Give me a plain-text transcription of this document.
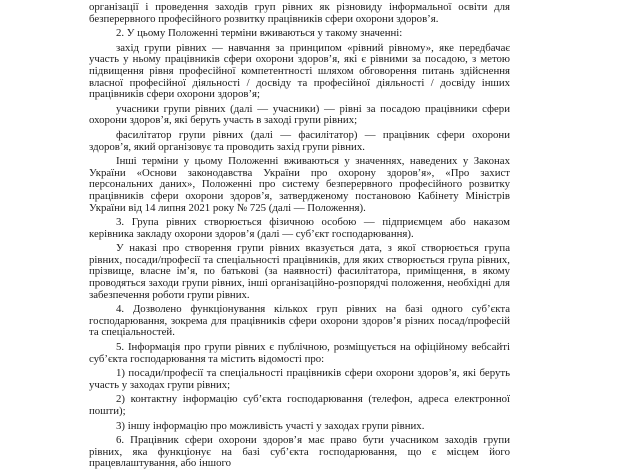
організації і проведення заходів груп рівних як різновиду інформальної освіти для безперервного професійного розвитку працівників сфери охорони здоров’я.

2. У цьому Положенні терміни вживаються у такому значенні:

захід групи рівних — навчання за принципом «рівний рівному», яке передбачає участь у ньому працівників сфери охорони здоров’я, які є рівними за посадою, з метою підвищення рівня професійної компетентності шляхом обговорення питань здійснення власної професійної діяльності / досвіду та професійної діяльності / досвіду інших працівників сфери охорони здоров’я;

учасники групи рівних (далі — учасники) — рівні за посадою працівники сфери охорони здоров’я, які беруть участь в заході групи рівних;

фасилітатор групи рівних (далі — фасилітатор) — працівник сфери охорони здоров’я, який організовує та проводить захід групи рівних.

Інші терміни у цьому Положенні вживаються у значеннях, наведених у Законах України «Основи законодавства України про охорону здоров’я», «Про захист персональних даних», Положенні про систему безперервного професійного розвитку працівників сфери охорони здоров’я, затвердженому постановою Кабінету Міністрів України від 14 липня 2021 року № 725 (далі — Положення).

3. Група рівних створюється фізичною особою — підприємцем або наказом керівника закладу охорони здоров’я (далі — суб’єкт господарювання).

У наказі про створення групи рівних вказується дата, з якої створюється група рівних, посади/професії та спеціальності працівників, для яких створюється група рівних, прізвище, власне ім’я, по батькові (за наявності) фасилітатора, приміщення, в якому проводяться заходи групи рівних, інші організаційно-розпорядчі положення, необхідні для забезпечення роботи групи рівних.

4. Дозволено функціонування кількох груп рівних на базі одного суб’єкта господарювання, зокрема для працівників сфери охорони здоров’я різних посад/професій та спеціальностей.

5. Інформація про групи рівних є публічною, розміщується на офіційному вебсайті суб’єкта господарювання та містить відомості про:

1) посади/професії та спеціальності працівників сфери охорони здоров’я, які беруть участь у заходах групи рівних;

2) контактну інформацію суб’єкта господарювання (телефон, адреса електронної пошти);

3) іншу інформацію про можливість участі у заходах групи рівних.

6. Працівник сфери охорони здоров’я має право бути учасником заходів групи рівних, яка функціонує на базі суб’єкта господарювання, що є місцем його працевлаштування, або іншого
